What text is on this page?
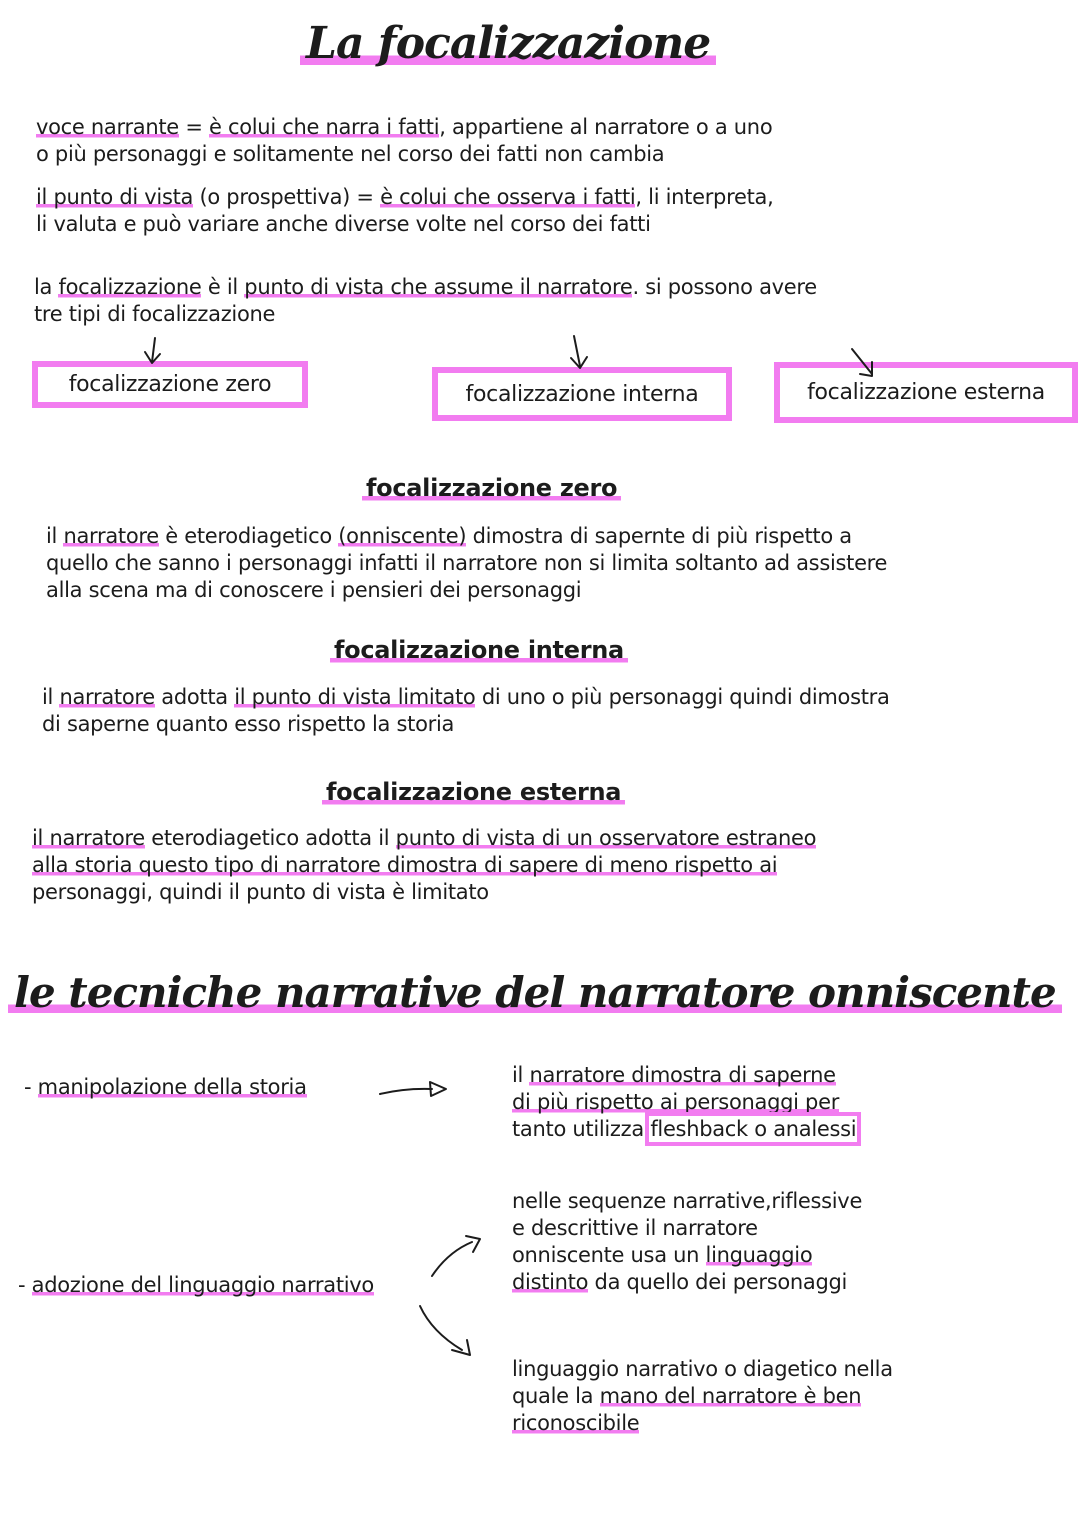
La focalizzazione

voce narrante = è colui che narra i fatti, appartiene al narratore o a uno

o più personaggi e solitamente nel corso dei fatti non cambia

il punto di vista (o prospettiva) = è colui che osserva i fatti, li interpreta,

li valuta e può variare anche diverse volte nel corso dei fatti

la focalizzazione è il punto di vista che assume il narratore. si possono avere

tre tipi di focalizzazione

focalizzazione zero	focalizzazione interna	focalizzazione esterna
focalizzazione zero

il narratore è eterodiagetico (onniscente) dimostra di sapernte di più rispetto a

quello che sanno i personaggi infatti il narratore non si limita soltanto ad assistere

alla scena ma di conoscere i pensieri dei personaggi

focalizzazione interna

il narratore adotta il punto di vista limitato di uno o più personaggi quindi dimostra

di saperne quanto esso rispetto la storia

focalizzazione esterna

il narratore eterodiagetico adotta il punto di vista di un osservatore estraneo

alla storia questo tipo di narratore dimostra di sapere di meno rispetto ai

personaggi, quindi il punto di vista è limitato

le tecniche narrative del narratore onniscente
- manipolazione della storia	il narratore dimostra di saperne

di più rispetto ai personaggi per

tanto utilizza fleshback o analessi

- adozione del linguaggio narrativo

nelle sequenze narrative,riflessive

e descrittive il narratore

onniscente usa un linguaggio

distinto da quello dei personaggi

linguaggio narrativo o diagetico nella

quale la mano del narratore è ben

riconoscibile
